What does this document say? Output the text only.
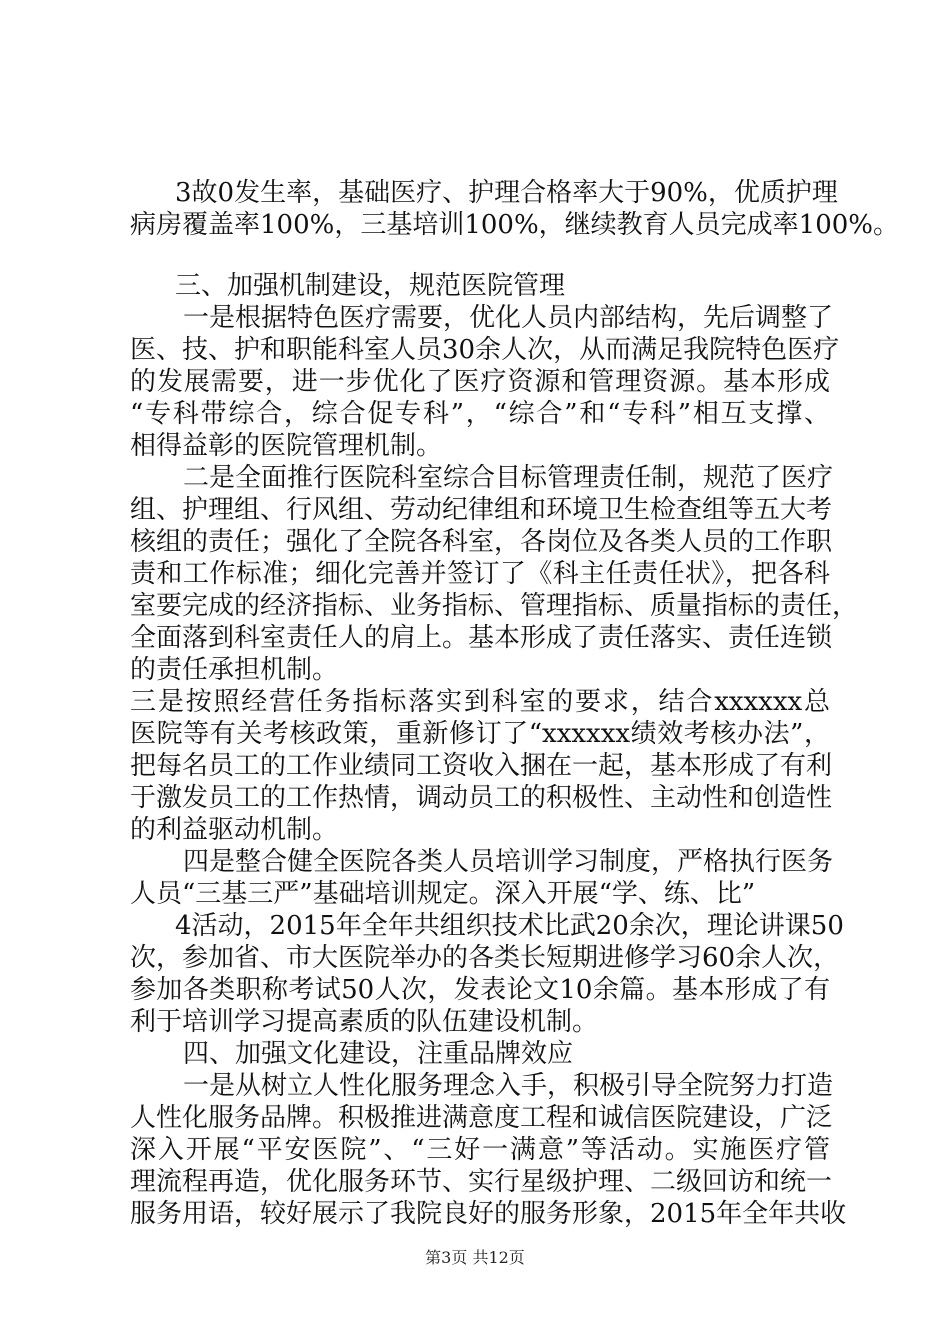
3故0发生率，基础医疗、护理合格率大于90%，优质护理
病房覆盖率100%，三基培训100%，继续教育人员完成率100%。
三、加强机制建设，规范医院管理
一是根据特色医疗需要，优化人员内部结构，先后调整了
医、技、护和职能科室人员30余人次，从而满足我院特色医疗
的发展需要，进一步优化了医疗资源和管理资源。基本形成
“专科带综合，综合促专科”，“综合”和“专科”相互支撑、
相得益彰的医院管理机制。
二是全面推行医院科室综合目标管理责任制，规范了医疗
组、护理组、行风组、劳动纪律组和环境卫生检查组等五大考
核组的责任；强化了全院各科室，各岗位及各类人员的工作职
责和工作标准；细化完善并签订了《科主任责任状》，把各科
室要完成的经济指标、业务指标、管理指标、质量指标的责任，
全面落到科室责任人的肩上。基本形成了责任落实、责任连锁
的责任承担机制。
三是按照经营任务指标落实到科室的要求，结合xxxxxx总
医院等有关考核政策，重新修订了“xxxxxx绩效考核办法”，
把每名员工的工作业绩同工资收入捆在一起，基本形成了有利
于激发员工的工作热情，调动员工的积极性、主动性和创造性
的利益驱动机制。
四是整合健全医院各类人员培训学习制度，严格执行医务
人员“三基三严”基础培训规定。深入开展“学、练、比”
4活动，2015年全年共组织技术比武20余次，理论讲课50
次，参加省、市大医院举办的各类长短期进修学习60余人次，
参加各类职称考试50人次，发表论文10余篇。基本形成了有
利于培训学习提高素质的队伍建设机制。
四、加强文化建设，注重品牌效应
一是从树立人性化服务理念入手，积极引导全院努力打造
人性化服务品牌。积极推进满意度工程和诚信医院建设，广泛
深入开展“平安医院”、“三好一满意”等活动。实施医疗管
理流程再造，优化服务环节、实行星级护理、二级回访和统一
服务用语，较好展示了我院良好的服务形象，2015年全年共收
第3页 共12页
